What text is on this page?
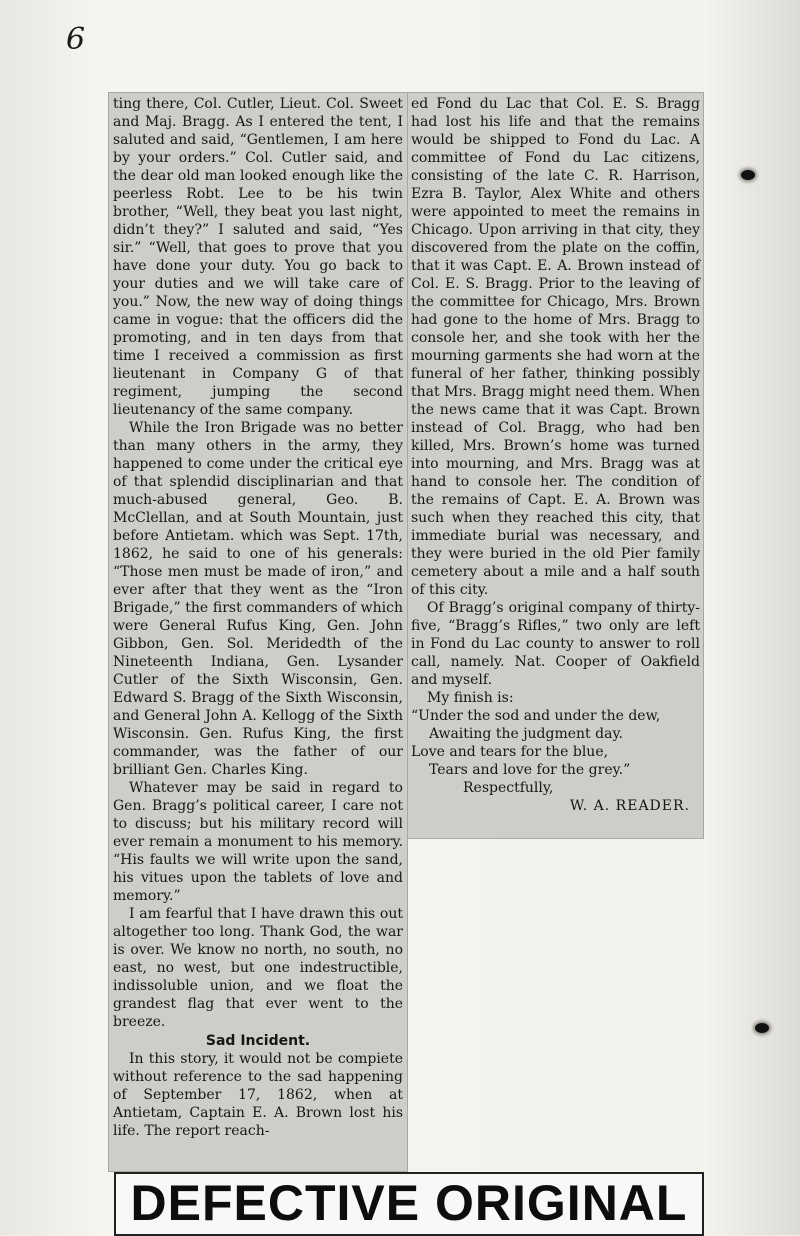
6

ting there, Col. Cutler, Lieut. Col. Sweet and Maj. Bragg. As I entered the tent, I saluted and said, “Gentlemen, I am here by your orders.” Col. Cutler said, and the dear old man looked enough like the peerless Robt. Lee to be his twin brother, “Well, they beat you last night, didn’t they?” I saluted and said, “Yes sir.” “Well, that goes to prove that you have done your duty. You go back to your duties and we will take care of you.” Now, the new way of doing things came in vogue: that the officers did the promoting, and in ten days from that time I received a commission as first lieutenant in Company G of that regiment, jumping the second lieutenancy of the same company.

While the Iron Brigade was no better than many others in the army, they happened to come under the critical eye of that splendid disciplinarian and that much-abused general, Geo. B. McClellan, and at South Mountain, just before Antietam. which was Sept. 17th, 1862, he said to one of his generals: “Those men must be made of iron,” and ever after that they went as the “Iron Brigade,” the first commanders of which were General Rufus King, Gen. John Gibbon, Gen. Sol. Meridedth of the Nineteenth Indiana, Gen. Lysander Cutler of the Sixth Wisconsin, Gen. Edward S. Bragg of the Sixth Wisconsin, and General John A. Kellogg of the Sixth Wisconsin. Gen. Rufus King, the first commander, was the father of our brilliant Gen. Charles King.

Whatever may be said in regard to Gen. Bragg’s political career, I care not to discuss; but his military record will ever remain a monument to his memory. “His faults we will write upon the sand, his vitues upon the tablets of love and memory.”

I am fearful that I have drawn this out altogether too long. Thank God, the war is over. We know no north, no south, no east, no west, but one indestructible, indissoluble union, and we float the grandest flag that ever went to the breeze.

Sad Incident.

In this story, it would not be compiete without reference to the sad happening of September 17, 1862, when at Antietam, Captain E. A. Brown lost his life. The report reach-

ed Fond du Lac that Col. E. S. Bragg had lost his life and that the remains would be shipped to Fond du Lac. A committee of Fond du Lac citizens, consisting of the late C. R. Harrison, Ezra B. Taylor, Alex White and others were appointed to meet the remains in Chicago. Upon arriving in that city, they discovered from the plate on the coffin, that it was Capt. E. A. Brown instead of Col. E. S. Bragg. Prior to the leaving of the committee for Chicago, Mrs. Brown had gone to the home of Mrs. Bragg to console her, and she took with her the mourning garments she had worn at the funeral of her father, thinking possibly that Mrs. Bragg might need them. When the news came that it was Capt. Brown instead of Col. Bragg, who had ben killed, Mrs. Brown’s home was turned into mourning, and Mrs. Bragg was at hand to console her. The condition of the remains of Capt. E. A. Brown was such when they reached this city, that immediate burial was necessary, and they were buried in the old Pier family cemetery about a mile and a half south of this city.

Of Bragg’s original company of thirty-five, “Bragg’s Rifles,” two only are left in Fond du Lac county to answer to roll call, namely. Nat. Cooper of Oakfield and myself.

My finish is:

“Under the sod and under the dew,
Awaiting the judgment day.
Love and tears for the blue,
Tears and love for the grey.”
Respectfully,
W. A. READER.
DEFECTIVE ORIGINAL
